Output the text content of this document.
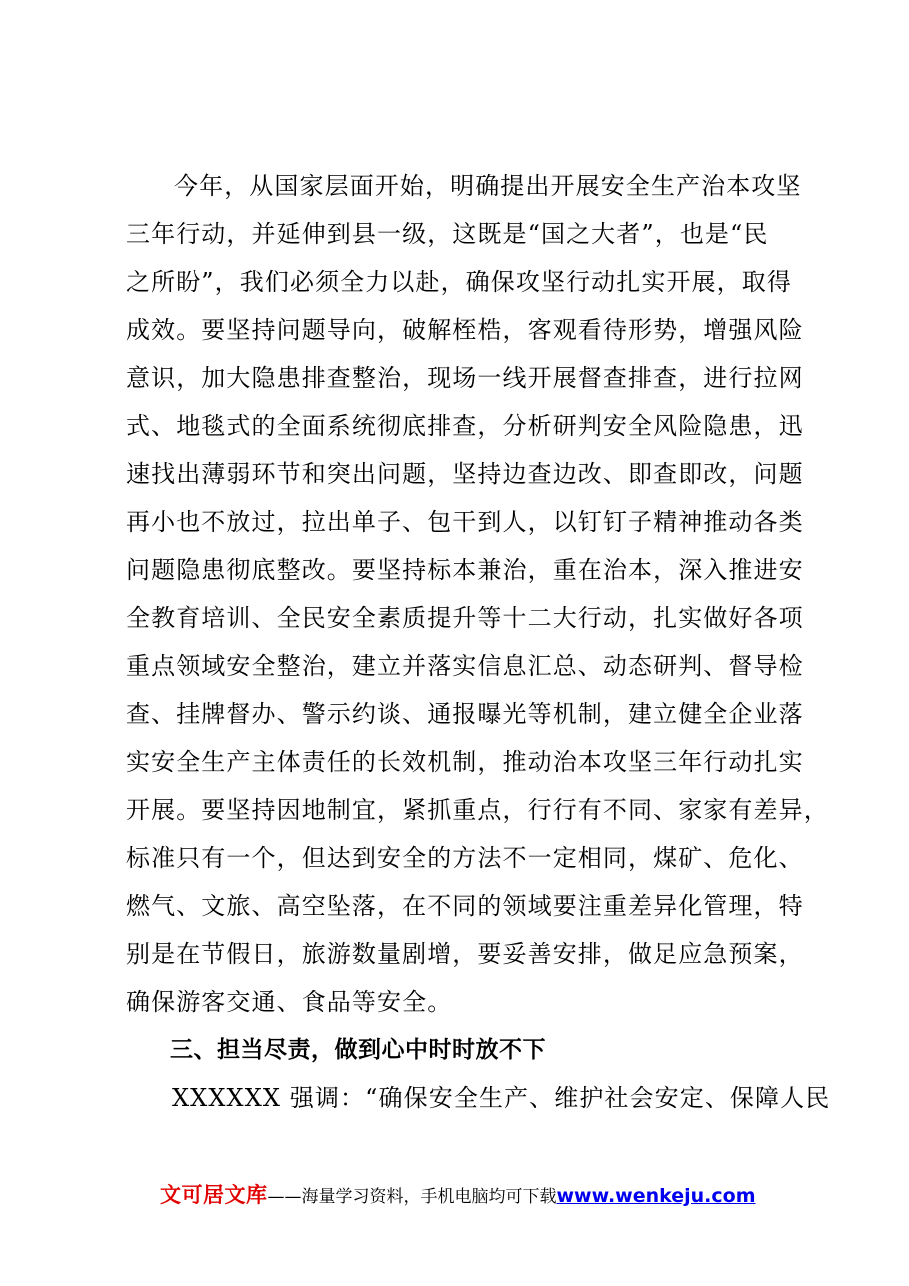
今年，从国家层面开始，明确提出开展安全生产治本攻坚
三年行动，并延伸到县一级，这既是“国之大者”，也是“民
之所盼”，我们必须全力以赴，确保攻坚行动扎实开展，取得
成效。要坚持问题导向，破解桎梏，客观看待形势，增强风险
意识，加大隐患排查整治，现场一线开展督查排查，进行拉网
式、地毯式的全面系统彻底排查，分析研判安全风险隐患，迅
速找出薄弱环节和突出问题，坚持边查边改、即查即改，问题
再小也不放过，拉出单子、包干到人，以钉钉子精神推动各类
问题隐患彻底整改。要坚持标本兼治，重在治本，深入推进安
全教育培训、全民安全素质提升等十二大行动，扎实做好各项
重点领域安全整治，建立并落实信息汇总、动态研判、督导检
查、挂牌督办、警示约谈、通报曝光等机制，建立健全企业落
实安全生产主体责任的长效机制，推动治本攻坚三年行动扎实
开展。要坚持因地制宜，紧抓重点，行行有不同、家家有差异，
标准只有一个，但达到安全的方法不一定相同，煤矿、危化、
燃气、文旅、高空坠落，在不同的领域要注重差异化管理，特
别是在节假日，旅游数量剧增，要妥善安排，做足应急预案，
确保游客交通、食品等安全。
三、担当尽责，做到心中时时放不下
XXXXXX 强调：“确保安全生产、维护社会安定、保障人民
文可居文库——海量学习资料，手机电脑均可下载www.wenkeju.com
